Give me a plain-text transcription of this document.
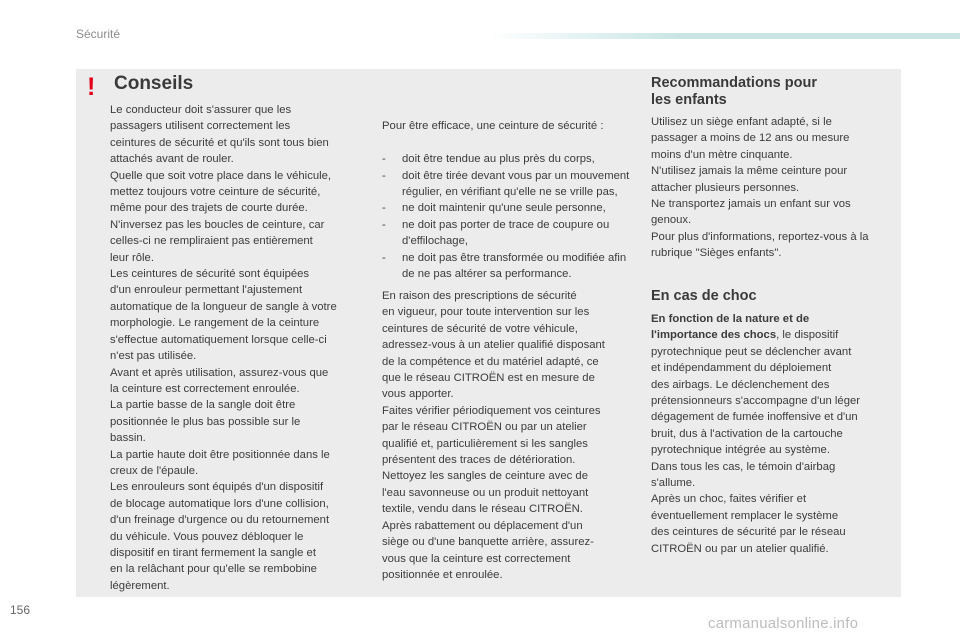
Sécurité
! Conseils
Le conducteur doit s'assurer que les
passagers utilisent correctement les
ceintures de sécurité et qu'ils sont tous bien
attachés avant de rouler.
Quelle que soit votre place dans le véhicule,
mettez toujours votre ceinture de sécurité,
même pour des trajets de courte durée.
N'inversez pas les boucles de ceinture, car
celles-ci ne rempliraient pas entièrement
leur rôle.
Les ceintures de sécurité sont équipées
d'un enrouleur permettant l'ajustement
automatique de la longueur de sangle à votre
morphologie. Le rangement de la ceinture
s'effectue automatiquement lorsque celle-ci
n'est pas utilisée.
Avant et après utilisation, assurez-vous que
la ceinture est correctement enroulée.
La partie basse de la sangle doit être
positionnée le plus bas possible sur le
bassin.
La partie haute doit être positionnée dans le
creux de l'épaule.
Les enrouleurs sont équipés d'un dispositif
de blocage automatique lors d'une collision,
d'un freinage d'urgence ou du retournement
du véhicule. Vous pouvez débloquer le
dispositif en tirant fermement la sangle et
en la relâchant pour qu'elle se rembobine
légèrement.

Pour être efficace, une ceinture de sécurité :

- doit être tendue au plus près du corps,
- doit être tirée devant vous par un mouvement régulier, en vérifiant qu'elle ne se vrille pas,
- ne doit maintenir qu'une seule personne,
- ne doit pas porter de trace de coupure ou d'effilochage,
- ne doit pas être transformée ou modifiée afin de ne pas altérer sa performance.

En raison des prescriptions de sécurité
en vigueur, pour toute intervention sur les
ceintures de sécurité de votre véhicule,
adressez-vous à un atelier qualifié disposant
de la compétence et du matériel adapté, ce
que le réseau CITROËN est en mesure de
vous apporter.
Faites vérifier périodiquement vos ceintures
par le réseau CITROËN ou par un atelier
qualifié et, particulièrement si les sangles
présentent des traces de détérioration.
Nettoyez les sangles de ceinture avec de
l'eau savonneuse ou un produit nettoyant
textile, vendu dans le réseau CITROËN.
Après rabattement ou déplacement d'un
siège ou d'une banquette arrière, assurez-
vous que la ceinture est correctement
positionnée et enroulée.
Recommandations pour
les enfants
Utilisez un siège enfant adapté, si le
passager a moins de 12 ans ou mesure
moins d'un mètre cinquante.
N'utilisez jamais la même ceinture pour
attacher plusieurs personnes.
Ne transportez jamais un enfant sur vos
genoux.
Pour plus d'informations, reportez-vous à la
rubrique "Sièges enfants".
En cas de choc
En fonction de la nature et de
l'importance des chocs, le dispositif
pyrotechnique peut se déclencher avant
et indépendamment du déploiement
des airbags. Le déclenchement des
prétensionneurs s'accompagne d'un léger
dégagement de fumée inoffensive et d'un
bruit, dus à l'activation de la cartouche
pyrotechnique intégrée au système.
Dans tous les cas, le témoin d'airbag
s'allume.
Après un choc, faites vérifier et
éventuellement remplacer le système
des ceintures de sécurité par le réseau
CITROËN ou par un atelier qualifié.
156
carmanualsonline.info
